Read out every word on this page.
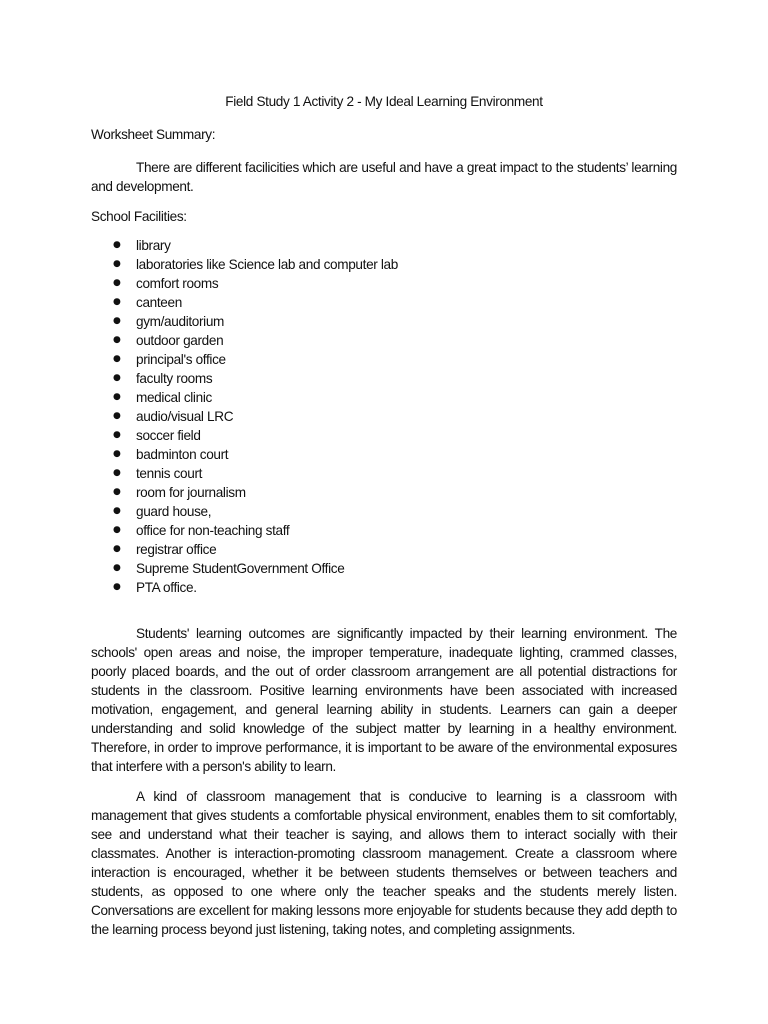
Field Study 1 Activity 2 - My Ideal Learning Environment
Worksheet Summary:

There are different facilicities which are useful and have a great impact to the students’ learning and development.

School Facilities:
● library
● laboratories like Science lab and computer lab
● comfort rooms
● canteen
● gym/auditorium
● outdoor garden
● principal's office
● faculty rooms
● medical clinic
● audio/visual LRC
● soccer field
● badminton court
● tennis court
● room for journalism
● guard house,
● office for non-teaching staff
● registrar office
● Supreme StudentGovernment Office
● PTA office.

Students' learning outcomes are significantly impacted by their learning environment. The schools' open areas and noise, the improper temperature, inadequate lighting, crammed classes, poorly placed boards, and the out of order classroom arrangement are all potential distractions for students in the classroom. Positive learning environments have been associated with increased motivation, engagement, and general learning ability in students. Learners can gain a deeper understanding and solid knowledge of the subject matter by learning in a healthy environment. Therefore, in order to improve performance, it is important to be aware of the environmental exposures that interfere with a person's ability to learn.

A kind of classroom management that is conducive to learning is a classroom with management that gives students a comfortable physical environment, enables them to sit comfortably, see and understand what their teacher is saying, and allows them to interact socially with their classmates. Another is interaction-promoting classroom management. Create a classroom where interaction is encouraged, whether it be between students themselves or between teachers and students, as opposed to one where only the teacher speaks and the students merely listen. Conversations are excellent for making lessons more enjoyable for students because they add depth to the learning process beyond just listening, taking notes, and completing assignments.
